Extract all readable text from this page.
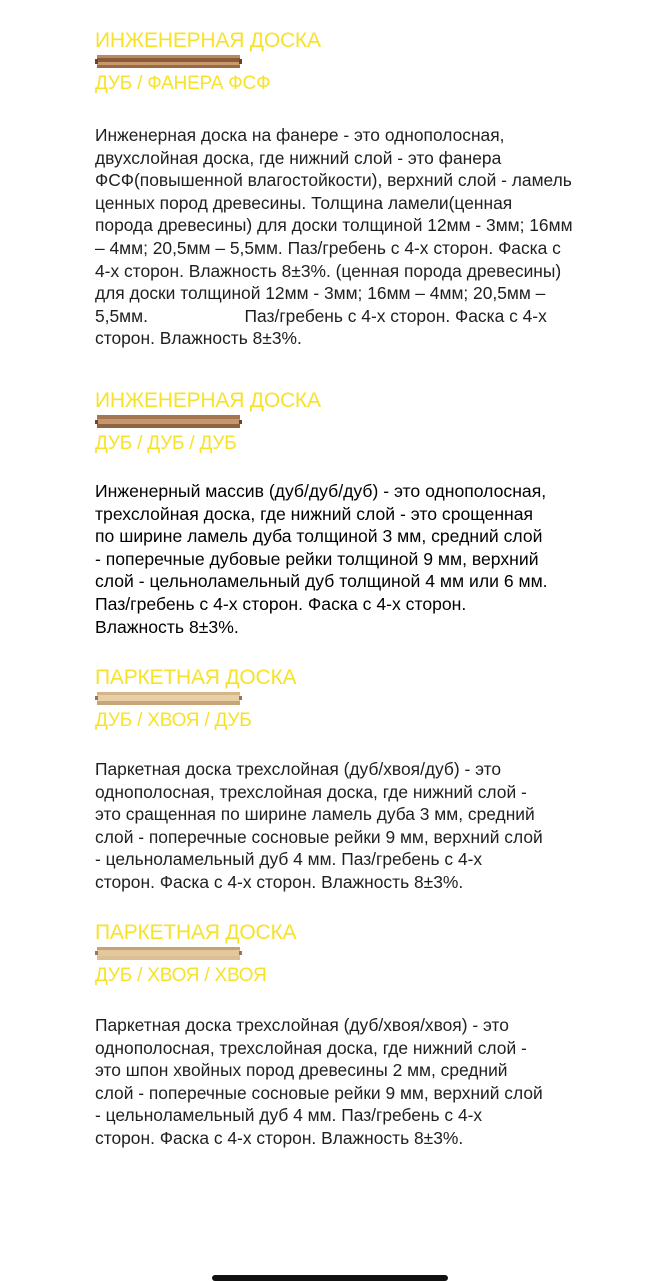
ИНЖЕНЕРНАЯ ДОСКА
ДУБ / ФАНЕРА ФСФ

Инженерная доска на фанере - это однополосная,
двухслойная доска, где нижний слой - это фанера
ФСФ(повышенной влагостойкости), верхний слой - ламель
ценных пород древесины. Толщина ламели(ценная
порода древесины) для доски толщиной 12мм - 3мм; 16мм
– 4мм; 20,5мм – 5,5мм. Паз/гребень с 4-х сторон. Фаска с
4-х сторон. Влажность 8±3%. (ценная порода древесины)
для доски толщиной 12мм - 3мм; 16мм – 4мм; 20,5мм –
5,5мм.                    Паз/гребень с 4-х сторон. Фаска с 4-х
сторон. Влажность 8±3%.

ИНЖЕНЕРНАЯ ДОСКА
ДУБ / ДУБ / ДУБ

Инженерный массив (дуб/дуб/дуб) - это однополосная,
трехслойная доска, где нижний слой - это срощенная
по ширине ламель дуба толщиной 3 мм, средний слой
- поперечные дубовые рейки толщиной 9 мм, верхний
слой - цельноламельный дуб толщиной 4 мм или 6 мм.
Паз/гребень с 4-х сторон. Фаска с 4-х сторон.
Влажность 8±3%.

ПАРКЕТНАЯ ДОСКА
ДУБ / ХВОЯ / ДУБ

Паркетная доска трехслойная (дуб/хвоя/дуб) - это
однополосная, трехслойная доска, где нижний слой -
это сращенная по ширине ламель дуба 3 мм, средний
слой - поперечные сосновые рейки 9 мм, верхний слой
- цельноламельный дуб 4 мм. Паз/гребень с 4-х
сторон. Фаска с 4-х сторон. Влажность 8±3%.

ПАРКЕТНАЯ ДОСКА
ДУБ / ХВОЯ / ХВОЯ

Паркетная доска трехслойная (дуб/хвоя/хвоя) - это
однополосная, трехслойная доска, где нижний слой -
это шпон хвойных пород древесины 2 мм, средний
слой - поперечные сосновые рейки 9 мм, верхний слой
- цельноламельный дуб 4 мм. Паз/гребень с 4-х
сторон. Фаска с 4-х сторон. Влажность 8±3%.
